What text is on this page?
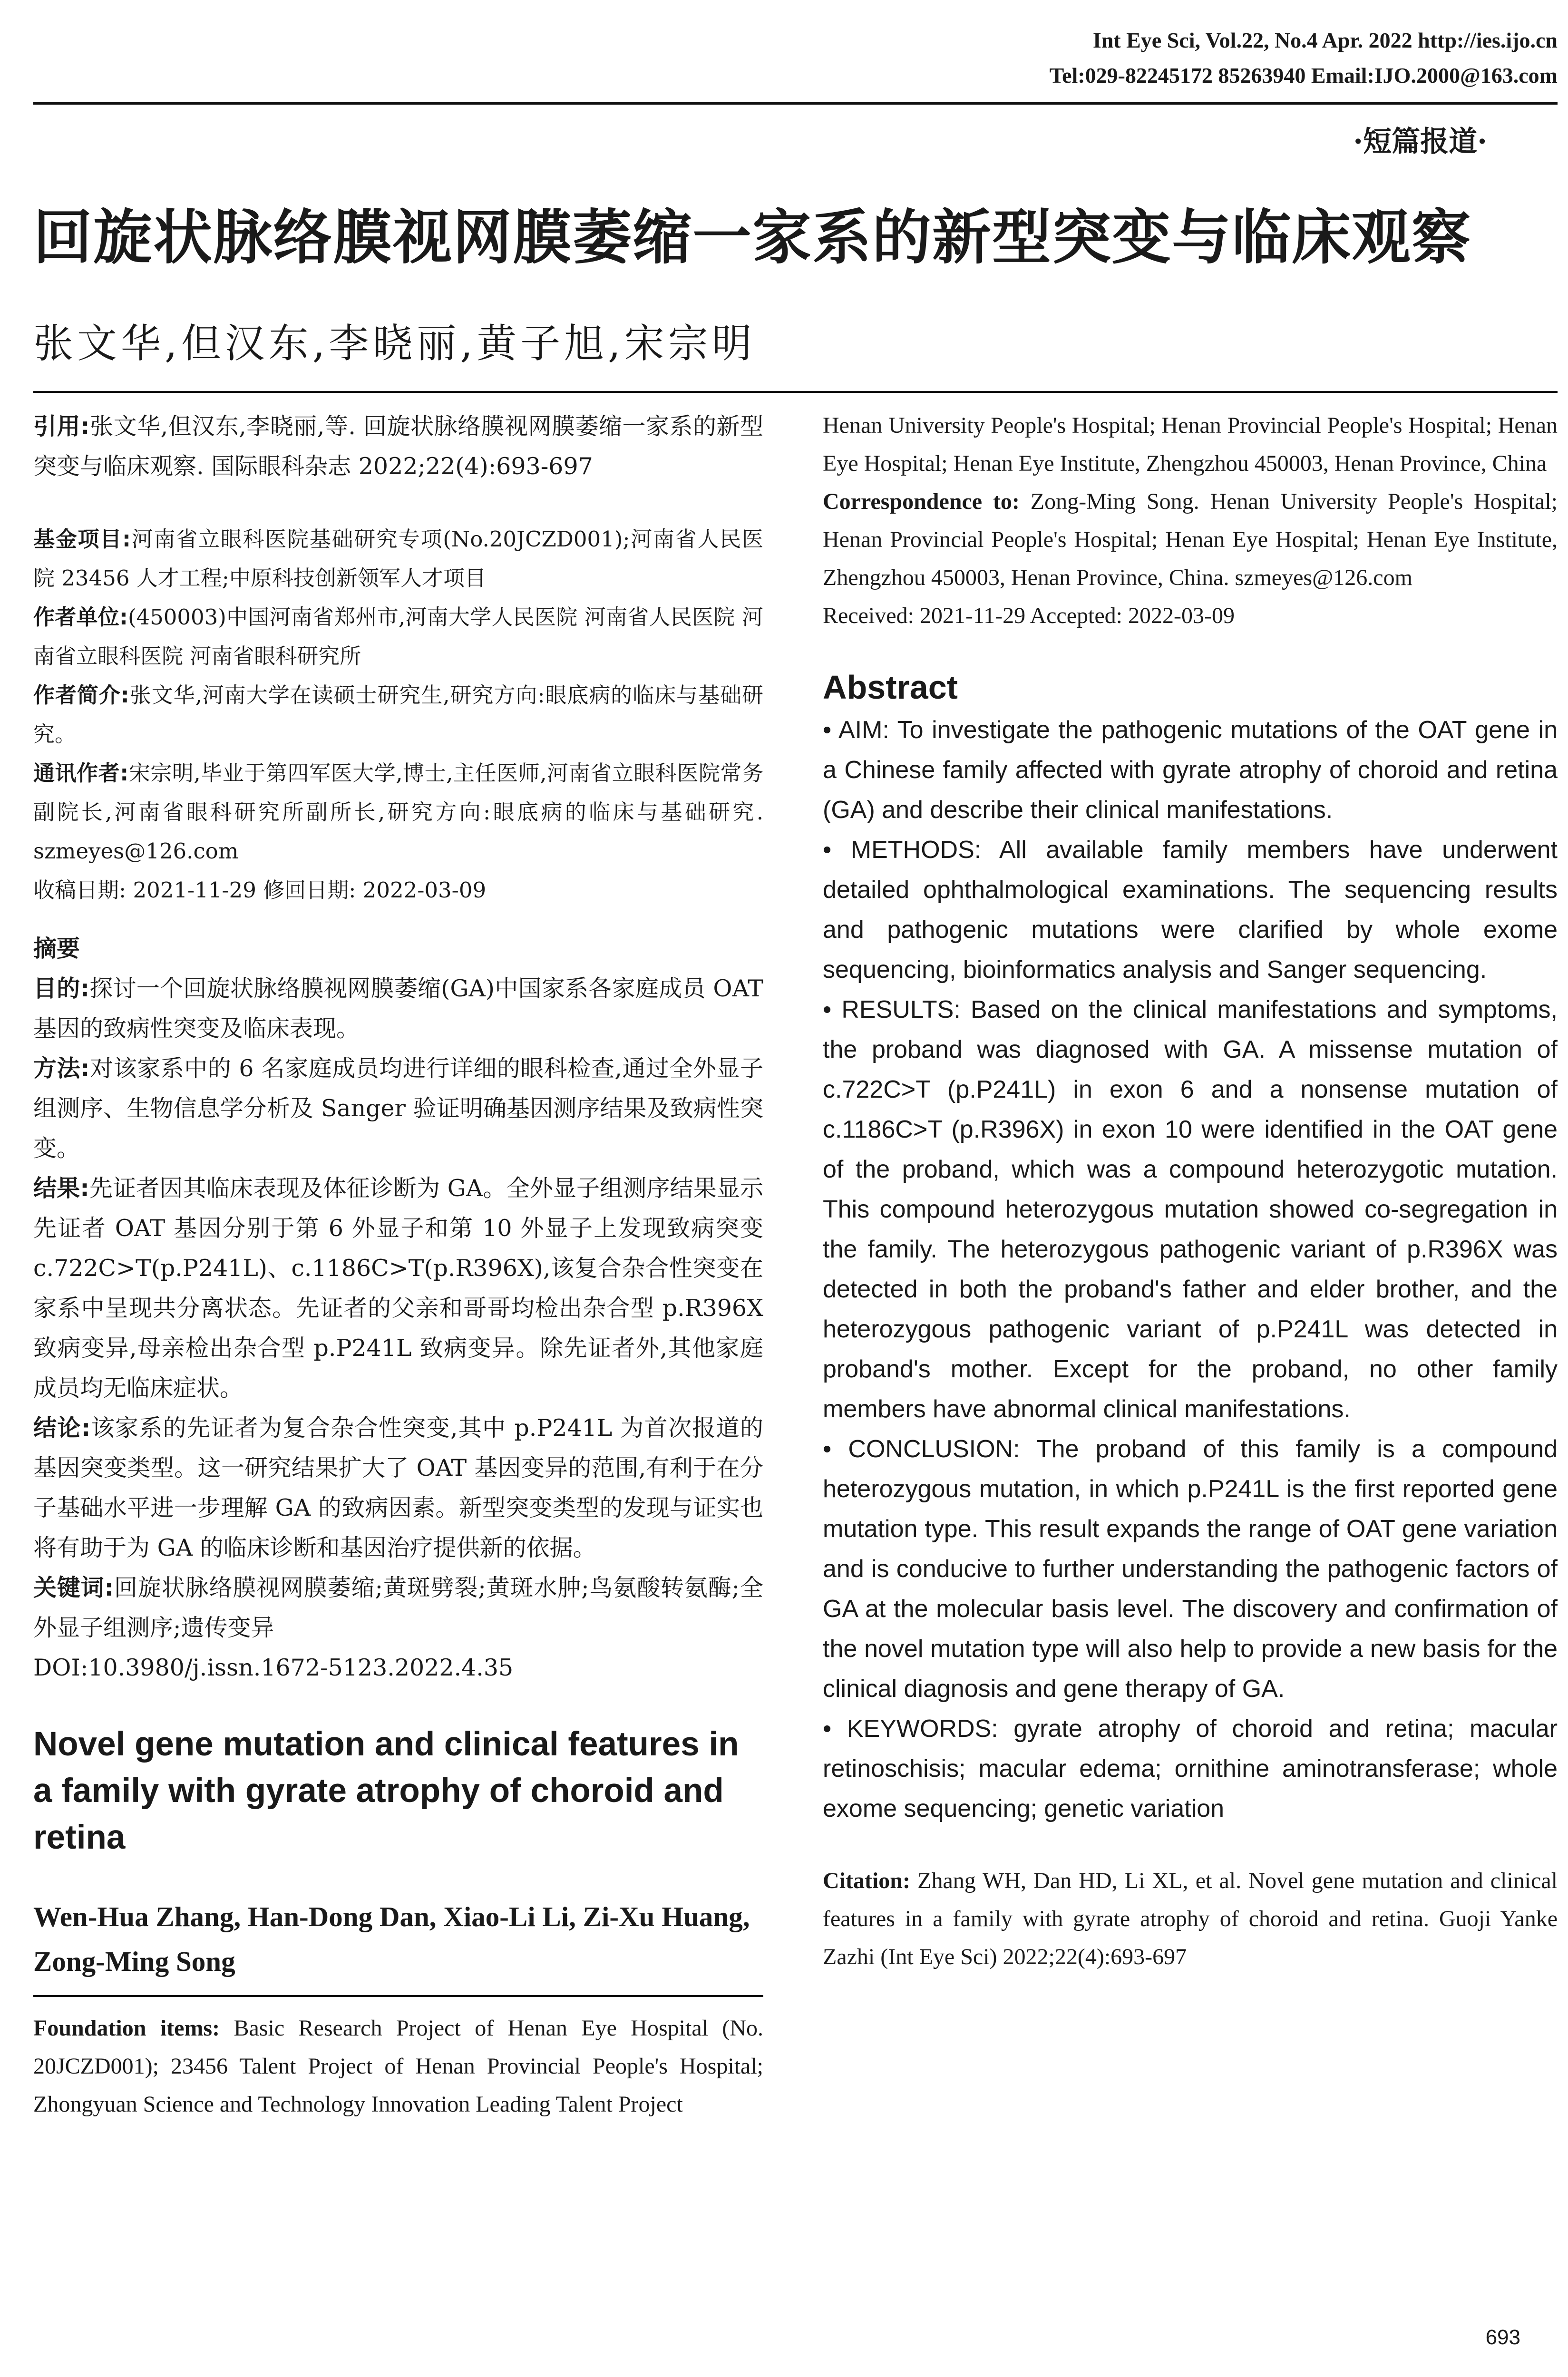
Int Eye Sci, Vol.22, No.4 Apr. 2022 http://ies.ijo.cn
Tel:029-82245172 85263940 Email:IJO.2000@163.com
·短篇报道·
回旋状脉络膜视网膜萎缩一家系的新型突变与临床观察
张文华,但汉东,李晓丽,黄子旭,宋宗明

引用:张文华,但汉东,李晓丽,等. 回旋状脉络膜视网膜萎缩一家系的新型突变与临床观察. 国际眼科杂志 2022;22(4):693-697

基金项目:河南省立眼科医院基础研究专项(No.20JCZD001);河南省人民医院 23456 人才工程;中原科技创新领军人才项目

作者单位:(450003)中国河南省郑州市,河南大学人民医院 河南省人民医院 河南省立眼科医院 河南省眼科研究所

作者简介:张文华,河南大学在读硕士研究生,研究方向:眼底病的临床与基础研究。

通讯作者:宋宗明,毕业于第四军医大学,博士,主任医师,河南省立眼科医院常务副院长,河南省眼科研究所副所长,研究方向:眼底病的临床与基础研究. szmeyes@126.com

收稿日期: 2021-11-29 修回日期: 2022-03-09

摘要

目的:探讨一个回旋状脉络膜视网膜萎缩(GA)中国家系各家庭成员 OAT 基因的致病性突变及临床表现。

方法:对该家系中的 6 名家庭成员均进行详细的眼科检查,通过全外显子组测序、生物信息学分析及 Sanger 验证明确基因测序结果及致病性突变。

结果:先证者因其临床表现及体征诊断为 GA。全外显子组测序结果显示先证者 OAT 基因分别于第 6 外显子和第 10 外显子上发现致病突变 c.722C>T(p.P241L)、c.1186C>T(p.R396X),该复合杂合性突变在家系中呈现共分离状态。先证者的父亲和哥哥均检出杂合型 p.R396X 致病变异,母亲检出杂合型 p.P241L 致病变异。除先证者外,其他家庭成员均无临床症状。

结论:该家系的先证者为复合杂合性突变,其中 p.P241L 为首次报道的基因突变类型。这一研究结果扩大了 OAT 基因变异的范围,有利于在分子基础水平进一步理解 GA 的致病因素。新型突变类型的发现与证实也将有助于为 GA 的临床诊断和基因治疗提供新的依据。

关键词:回旋状脉络膜视网膜萎缩;黄斑劈裂;黄斑水肿;鸟氨酸转氨酶;全外显子组测序;遗传变异

DOI:10.3980/j.issn.1672-5123.2022.4.35

Novel gene mutation and clinical features in a family with gyrate atrophy of choroid and retina

Wen-Hua Zhang, Han-Dong Dan, Xiao-Li Li, Zi-Xu Huang, Zong-Ming Song

Foundation items: Basic Research Project of Henan Eye Hospital (No. 20JCZD001); 23456 Talent Project of Henan Provincial People's Hospital; Zhongyuan Science and Technology Innovation Leading Talent Project

Henan University People's Hospital; Henan Provincial People's Hospital; Henan Eye Hospital; Henan Eye Institute, Zhengzhou 450003, Henan Province, China

Correspondence to: Zong-Ming Song. Henan University People's Hospital; Henan Provincial People's Hospital; Henan Eye Hospital; Henan Eye Institute, Zhengzhou 450003, Henan Province, China. szmeyes@126.com

Received: 2021-11-29 Accepted: 2022-03-09

Abstract

• AIM: To investigate the pathogenic mutations of the OAT gene in a Chinese family affected with gyrate atrophy of choroid and retina (GA) and describe their clinical manifestations.

• METHODS: All available family members have underwent detailed ophthalmological examinations. The sequencing results and pathogenic mutations were clarified by whole exome sequencing, bioinformatics analysis and Sanger sequencing.

• RESULTS: Based on the clinical manifestations and symptoms, the proband was diagnosed with GA. A missense mutation of c.722C>T (p.P241L) in exon 6 and a nonsense mutation of c.1186C>T (p.R396X) in exon 10 were identified in the OAT gene of the proband, which was a compound heterozygotic mutation. This compound heterozygous mutation showed co-segregation in the family. The heterozygous pathogenic variant of p.R396X was detected in both the proband's father and elder brother, and the heterozygous pathogenic variant of p.P241L was detected in proband's mother. Except for the proband, no other family members have abnormal clinical manifestations.

• CONCLUSION: The proband of this family is a compound heterozygous mutation, in which p.P241L is the first reported gene mutation type. This result expands the range of OAT gene variation and is conducive to further understanding the pathogenic factors of GA at the molecular basis level. The discovery and confirmation of the novel mutation type will also help to provide a new basis for the clinical diagnosis and gene therapy of GA.

• KEYWORDS: gyrate atrophy of choroid and retina; macular retinoschisis; macular edema; ornithine aminotransferase; whole exome sequencing; genetic variation

Citation: Zhang WH, Dan HD, Li XL, et al. Novel gene mutation and clinical features in a family with gyrate atrophy of choroid and retina. Guoji Yanke Zazhi (Int Eye Sci) 2022;22(4):693-697

693
